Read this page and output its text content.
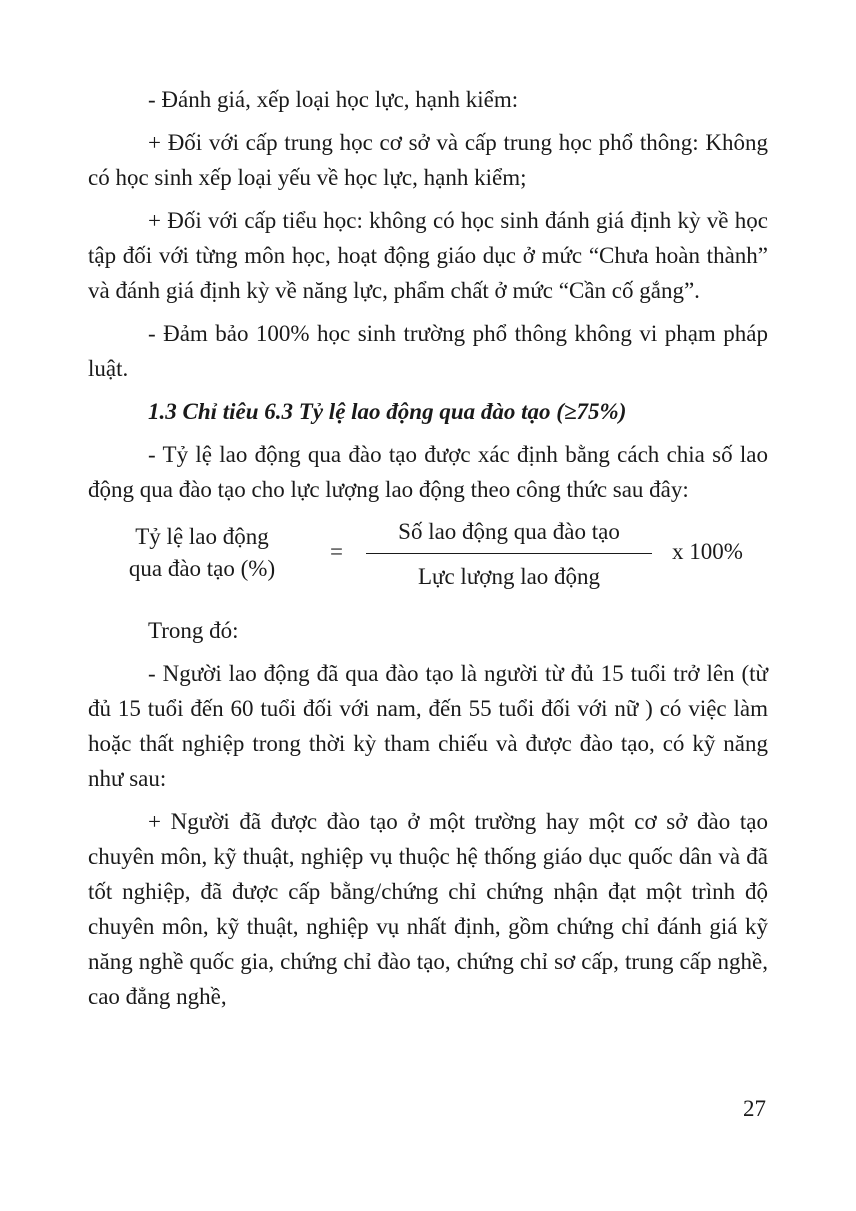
- Đánh giá, xếp loại học lực, hạnh kiểm:

+ Đối với cấp trung học cơ sở và cấp trung học phổ thông: Không có học sinh xếp loại yếu về học lực, hạnh kiểm;

+ Đối với cấp tiểu học: không có học sinh đánh giá định kỳ về học tập đối với từng môn học, hoạt động giáo dục ở mức “Chưa hoàn thành” và đánh giá định kỳ về năng lực, phẩm chất ở mức “Cần cố gắng”.

- Đảm bảo 100% học sinh trường phổ thông không vi phạm pháp luật.

1.3 Chỉ tiêu 6.3 Tỷ lệ lao động qua đào tạo (≥75%)

- Tỷ lệ lao động qua đào tạo được xác định bằng cách chia số lao động qua đào tạo cho lực lượng lao động theo công thức sau đây:

Tỷ lệ lao động
qua đào tạo (%)
=
Số lao động qua đào tạo
Lực lượng lao động
x 100%

Trong đó:

- Người lao động đã qua đào tạo là người từ đủ 15 tuổi trở lên (từ đủ 15 tuổi đến 60 tuổi đối với nam, đến 55 tuổi đối với nữ ) có việc làm hoặc thất nghiệp trong thời kỳ tham chiếu và được đào tạo, có kỹ năng như sau:

+ Người đã được đào tạo ở một trường hay một cơ sở đào tạo chuyên môn, kỹ thuật, nghiệp vụ thuộc hệ thống giáo dục quốc dân và đã tốt nghiệp, đã được cấp bằng/chứng chỉ chứng nhận đạt một trình độ chuyên môn, kỹ thuật, nghiệp vụ nhất định, gồm chứng chỉ đánh giá kỹ năng nghề quốc gia, chứng chỉ đào tạo, chứng chỉ sơ cấp, trung cấp nghề, cao đẳng nghề,

27
